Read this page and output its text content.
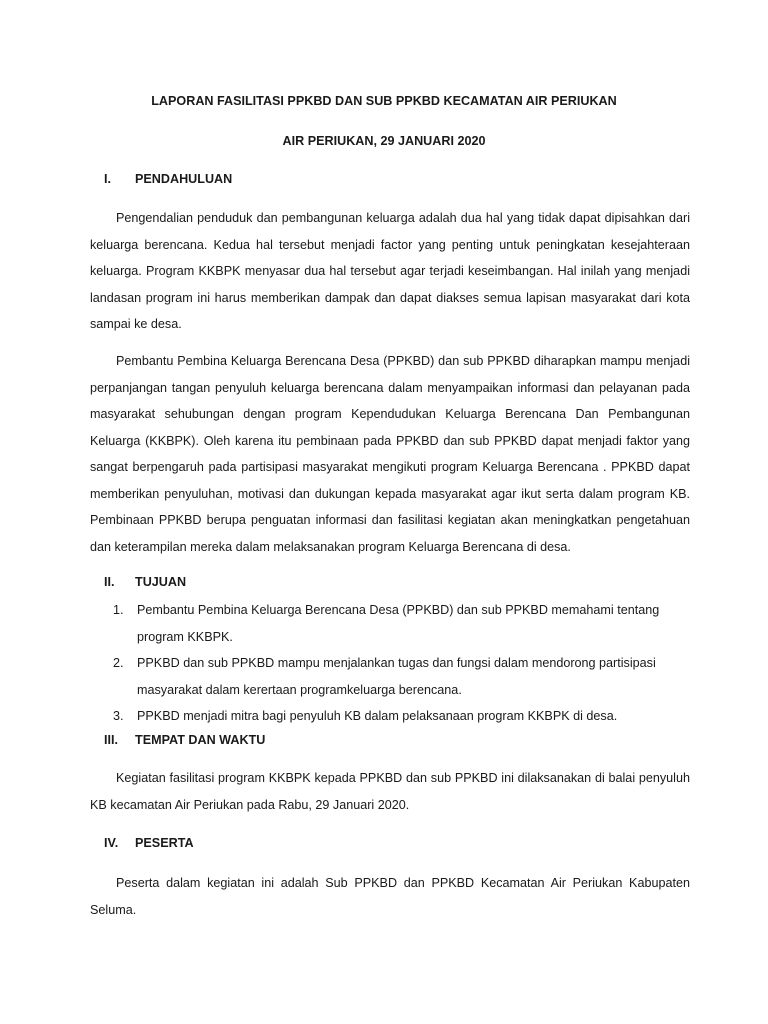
LAPORAN FASILITASI PPKBD DAN SUB PPKBD KECAMATAN AIR PERIUKAN
AIR PERIUKAN, 29 JANUARI 2020
I. PENDAHULUAN
Pengendalian penduduk dan pembangunan keluarga adalah dua hal yang tidak dapat dipisahkan dari keluarga berencana. Kedua hal tersebut menjadi factor yang penting untuk peningkatan kesejahteraan keluarga. Program KKBPK menyasar dua hal tersebut agar terjadi keseimbangan. Hal inilah yang menjadi landasan program ini harus memberikan dampak dan dapat diakses semua lapisan masyarakat dari kota sampai ke desa.
Pembantu Pembina Keluarga Berencana Desa (PPKBD) dan sub PPKBD diharapkan mampu menjadi perpanjangan tangan penyuluh keluarga berencana dalam menyampaikan informasi dan pelayanan pada masyarakat sehubungan dengan program Kependudukan Keluarga Berencana Dan Pembangunan Keluarga (KKBPK). Oleh karena itu pembinaan pada PPKBD dan sub PPKBD dapat menjadi faktor yang sangat berpengaruh pada partisipasi masyarakat mengikuti program Keluarga Berencana . PPKBD dapat memberikan penyuluhan, motivasi dan dukungan kepada masyarakat agar ikut serta dalam program KB. Pembinaan PPKBD berupa penguatan informasi dan fasilitasi kegiatan akan meningkatkan pengetahuan dan keterampilan mereka dalam melaksanakan program Keluarga Berencana di desa.
II. TUJUAN
1. Pembantu Pembina Keluarga Berencana Desa (PPKBD) dan sub PPKBD memahami tentang program KKBPK.
2. PPKBD dan sub PPKBD mampu menjalankan tugas dan fungsi dalam mendorong partisipasi masyarakat dalam kerertaan programkeluarga berencana.
3. PPKBD menjadi mitra bagi penyuluh KB dalam pelaksanaan program KKBPK di desa.
III. TEMPAT DAN WAKTU
Kegiatan fasilitasi program KKBPK kepada PPKBD dan sub PPKBD ini dilaksanakan di balai penyuluh KB kecamatan Air Periukan pada Rabu, 29 Januari 2020.
IV. PESERTA
Peserta dalam kegiatan ini adalah Sub PPKBD dan PPKBD Kecamatan Air Periukan Kabupaten Seluma.
